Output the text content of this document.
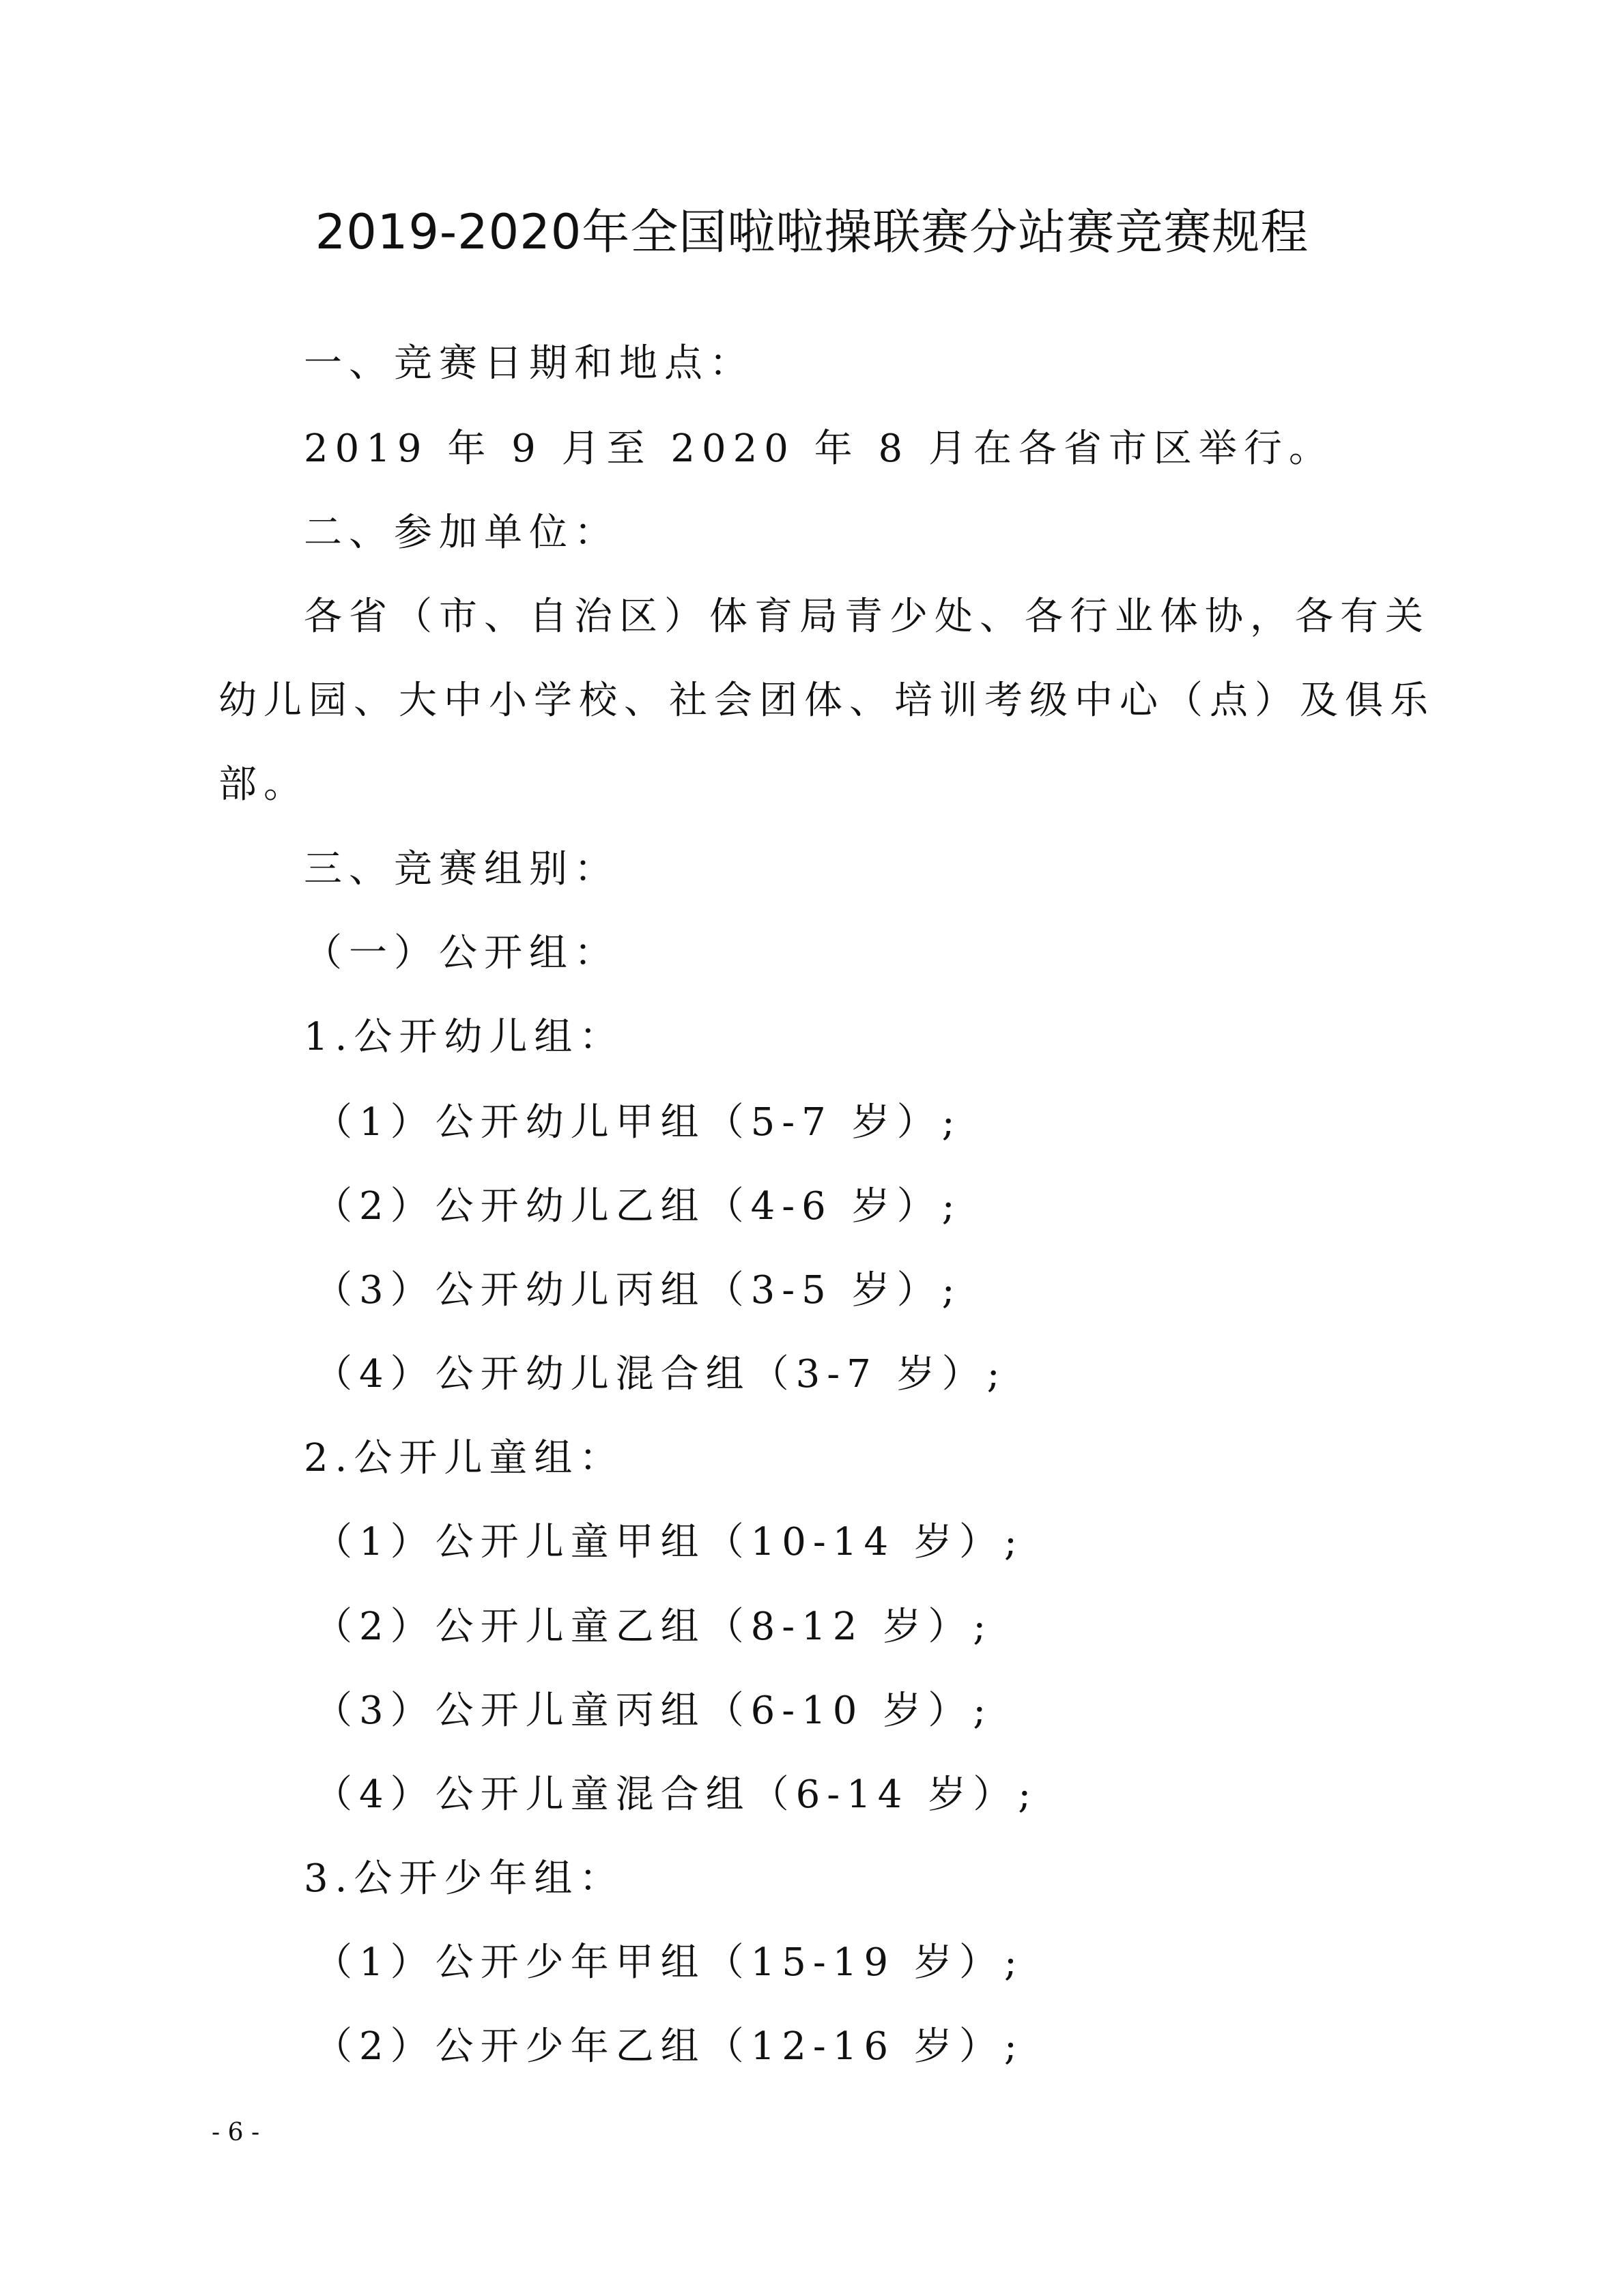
2019-2020年全国啦啦操联赛分站赛竞赛规程
一、竞赛日期和地点：
2019 年 9 月至 2020 年 8 月在各省市区举行。
二、参加单位：
各省（市、自治区）体育局青少处、各行业体协，各有关
幼儿园、大中小学校、社会团体、培训考级中心（点）及俱乐
部。
三、竞赛组别：
（一）公开组：
1.公开幼儿组：
（1）公开幼儿甲组（5-7 岁）;
（2）公开幼儿乙组（4-6 岁）;
（3）公开幼儿丙组（3-5 岁）;
（4）公开幼儿混合组（3-7 岁）;
2.公开儿童组：
（1）公开儿童甲组（10-14 岁）;
（2）公开儿童乙组（8-12 岁）;
（3）公开儿童丙组（6-10 岁）;
（4）公开儿童混合组（6-14 岁）;
3.公开少年组：
（1）公开少年甲组（15-19 岁）;
（2）公开少年乙组（12-16 岁）;
- 6 -
